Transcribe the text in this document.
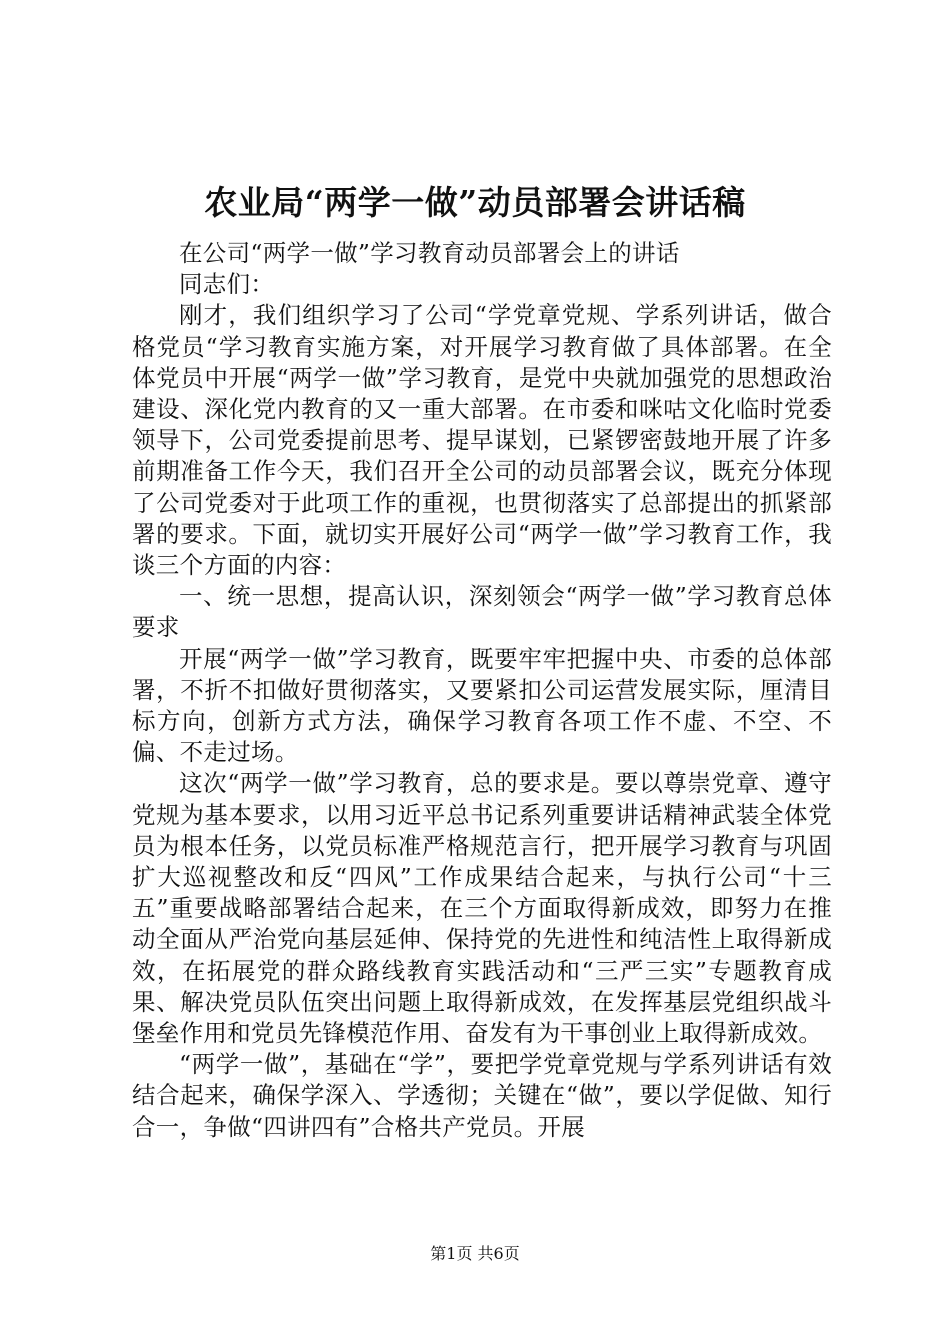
农业局“两学一做”动员部署会讲话稿

在公司“两学一做”学习教育动员部署会上的讲话

同志们：

刚才，我们组织学习了公司“学党章党规、学系列讲话，做合格党员“学习教育实施方案，对开展学习教育做了具体部署。在全体党员中开展“两学一做”学习教育，是党中央就加强党的思想政治建设、深化党内教育的又一重大部署。在市委和咪咕文化临时党委领导下，公司党委提前思考、提早谋划，已紧锣密鼓地开展了许多前期准备工作今天，我们召开全公司的动员部署会议，既充分体现了公司党委对于此项工作的重视，也贯彻落实了总部提出的抓紧部署的要求。下面，就切实开展好公司“两学一做”学习教育工作，我谈三个方面的内容：

一、统一思想，提高认识，深刻领会“两学一做”学习教育总体要求

开展“两学一做”学习教育，既要牢牢把握中央、市委的总体部署，不折不扣做好贯彻落实，又要紧扣公司运营发展实际，厘清目标方向，创新方式方法，确保学习教育各项工作不虚、不空、不偏、不走过场。

这次“两学一做”学习教育，总的要求是。要以尊崇党章、遵守党规为基本要求，以用习近平总书记系列重要讲话精神武装全体党员为根本任务，以党员标准严格规范言行，把开展学习教育与巩固扩大巡视整改和反“四风”工作成果结合起来，与执行公司“十三五”重要战略部署结合起来，在三个方面取得新成效，即努力在推动全面从严治党向基层延伸、保持党的先进性和纯洁性上取得新成效，在拓展党的群众路线教育实践活动和“三严三实”专题教育成果、解决党员队伍突出问题上取得新成效，在发挥基层党组织战斗堡垒作用和党员先锋模范作用、奋发有为干事创业上取得新成效。

“两学一做”，基础在“学”，要把学党章党规与学系列讲话有效结合起来，确保学深入、学透彻；关键在“做”，要以学促做、知行合一，争做“四讲四有”合格共产党员。开展

第1页 共6页
